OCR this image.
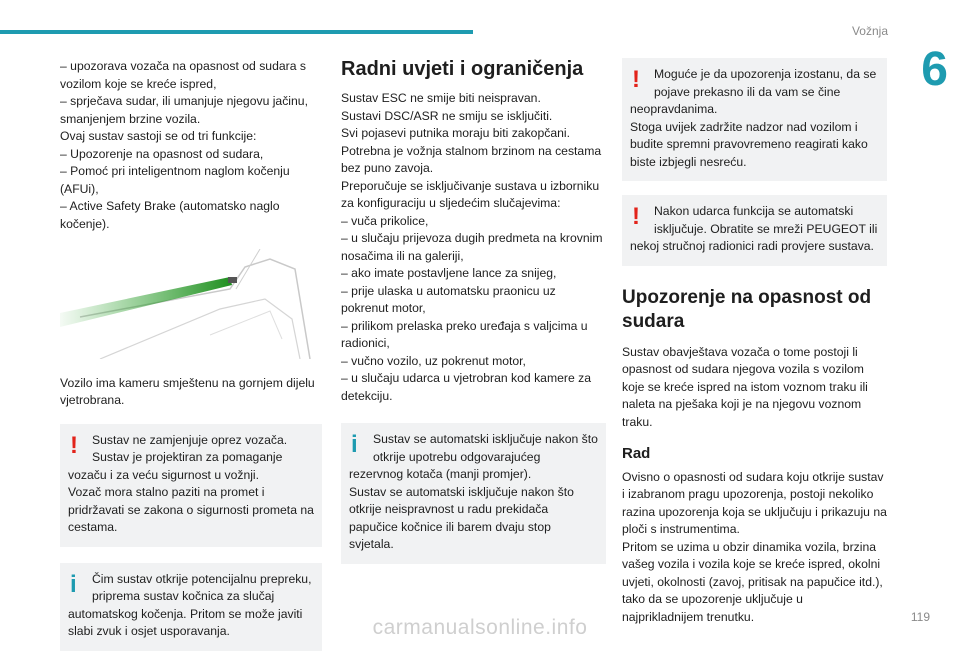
Vožnja
6

– upozorava vozača na opasnost od sudara s vozilom koje se kreće ispred,
– sprječava sudar, ili umanjuje njegovu jačinu, smanjenjem brzine vozila.
Ovaj sustav sastoji se od tri funkcije:
– Upozorenje na opasnost od sudara,
– Pomoć pri inteligentnom naglom kočenju (AFUi),
– Active Safety Brake (automatsko naglo kočenje).

Vozilo ima kameru smještenu na gornjem dijelu vjetrobrana.

!	Sustav ne zamjenjuje oprez vozača.
Sustav je projektiran za pomaganje

vozaču i za veću sigurnost u vožnji.
Vozač mora stalno paziti na promet i pridržavati se zakona o sigurnosti prometa na cestama.

i	Čim sustav otkrije potencijalnu prepreku, priprema sustav kočnica za slučaj

automatskog kočenja. Pritom se može javiti slabi zvuk i osjet usporavanja.

Radni uvjeti i ograničenja

Sustav ESC ne smije biti neispravan.
Sustavi DSC/ASR ne smiju se isključiti.
Svi pojasevi putnika moraju biti zakopčani.
Potrebna je vožnja stalnom brzinom na cestama bez puno zavoja.
Preporučuje se isključivanje sustava u izborniku za konfiguraciju u sljedećim slučajevima:
– vuča prikolice,
– u slučaju prijevoza dugih predmeta na krovnim nosačima ili na galeriji,
– ako imate postavljene lance za snijeg,
– prije ulaska u automatsku praonicu uz pokrenut motor,
– prilikom prelaska preko uređaja s valjcima u radionici,
– vučno vozilo, uz pokrenut motor,
– u slučaju udarca u vjetrobran kod kamere za detekciju.

i	Sustav se automatski isključuje nakon što otkrije upotrebu odgovarajućeg

rezervnog kotača (manji promjer).
Sustav se automatski isključuje nakon što otkrije neispravnost u radu prekidača papučice kočnice ili barem dvaju stop svjetala.

!	Moguće je da upozorenja izostanu, da se pojave prekasno ili da vam se čine

neopravdanima.
Stoga uvijek zadržite nadzor nad vozilom i budite spremni pravovremeno reagirati kako biste izbjegli nesreću.

!	Nakon udarca funkcija se automatski isključuje. Obratite se mreži PEUGEOT ili

nekoj stručnoj radionici radi provjere sustava.

Upozorenje na opasnost od sudara

Sustav obavještava vozača o tome postoji li opasnost od sudara njegova vozila s vozilom koje se kreće ispred na istom voznom traku ili naleta na pješaka koji je na njegovu voznom traku.

Rad

Ovisno o opasnosti od sudara koju otkrije sustav i izabranom pragu upozorenja, postoji nekoliko razina upozorenja koja se uključuju i prikazuju na ploči s instrumentima.
Pritom se uzima u obzir dinamika vozila, brzina vašeg vozila i vozila koje se kreće ispred, okolni uvjeti, okolnosti (zavoj, pritisak na papučice itd.), tako da se upozorenje uključuje u najprikladnijem trenutku.	119
carmanualsonline.info
